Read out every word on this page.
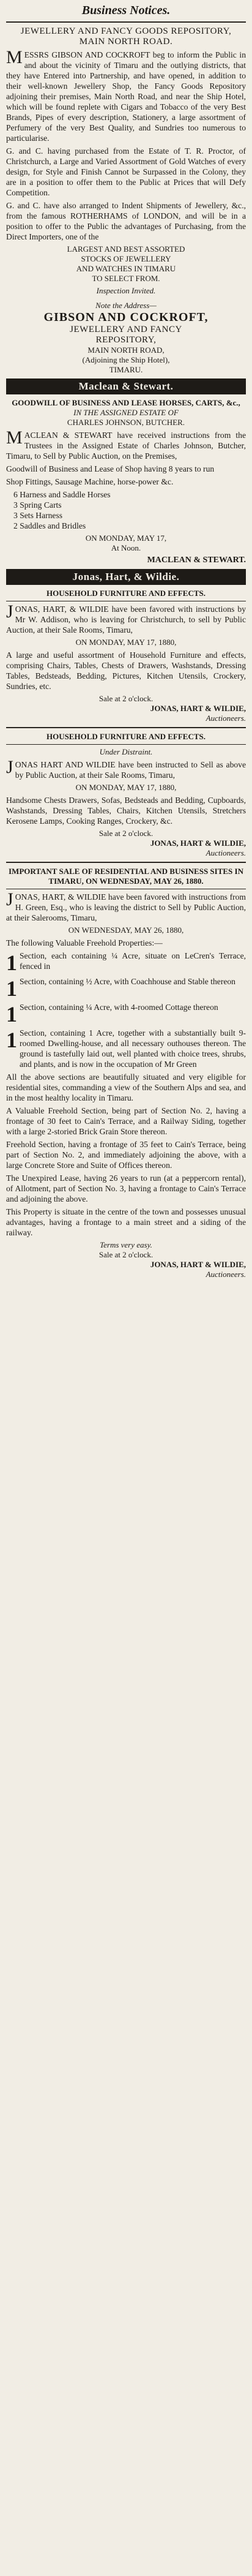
Business Notices.
JEWELLERY AND FANCY GOODS REPOSITORY,
MAIN NORTH ROAD.

MESSRS GIBSON AND COCKROFT beg to inform the Public in and about the vicinity of Timaru and the outlying districts, that they have Entered into Partnership, and have opened, in addition to their well-known Jewellery Shop, the Fancy Goods Repository adjoining their premises, Main North Road, and near the Ship Hotel, which will be found replete with Cigars and Tobacco of the very Best Brands, Pipes of every description, Stationery, a large assortment of Perfumery of the very Best Quality, and Sundries too numerous to particularise.

G. and C. having purchased from the Estate of T. R. Proctor, of Christchurch, a Large and Varied Assortment of Gold Watches of every design, for Style and Finish Cannot be Surpassed in the Colony, they are in a position to offer them to the Public at Prices that will Defy Competition.

G. and C. have also arranged to Indent Shipments of Jewellery, &c., from the famous ROTHERHAMS of LONDON, and will be in a position to offer to the Public the advantages of Purchasing, from the Direct Importers, one of the

LARGEST AND BEST ASSORTED
STOCKS OF JEWELLERY
AND WATCHES IN TIMARU
TO SELECT FROM.
Inspection Invited.
Note the Address—
GIBSON AND COCKROFT,
JEWELLERY AND FANCY
REPOSITORY,
MAIN NORTH ROAD,
(Adjoining the Ship Hotel),
TIMARU.
Maclean & Stewart.
GOODWILL OF BUSINESS AND LEASE HORSES, CARTS, &c.,
IN THE ASSIGNED ESTATE OF
CHARLES JOHNSON, BUTCHER.

MACLEAN & STEWART have received instructions from the Trustees in the Assigned Estate of Charles Johnson, Butcher, Timaru, to Sell by Public Auction, on the Premises,

Goodwill of Business and Lease of Shop having 8 years to run

Shop Fittings, Sausage Machine, horse-power &c.

6 Harness and Saddle Horses
3 Spring Carts
3 Sets Harness
2 Saddles and Bridles
ON MONDAY, MAY 17,
At Noon.
MACLEAN & STEWART.
Jonas, Hart, & Wildie.
HOUSEHOLD FURNITURE AND EFFECTS.

JONAS, HART, & WILDIE have been favored with instructions by Mr W. Addison, who is leaving for Christchurch, to sell by Public Auction, at their Sale Rooms, Timaru,

ON MONDAY, MAY 17, 1880,

A large and useful assortment of Household Furniture and effects, comprising Chairs, Tables, Chests of Drawers, Washstands, Dressing Tables, Bedsteads, Bedding, Pictures, Kitchen Utensils, Crockery, Sundries, etc.

Sale at 2 o'clock.
JONAS, HART & WILDIE,
Auctioneers.
HOUSEHOLD FURNITURE AND EFFECTS.
Under Distraint.

JONAS HART AND WILDIE have been instructed to Sell as above by Public Auction, at their Sale Rooms, Timaru,

ON MONDAY, MAY 17, 1880,

Handsome Chests Drawers, Sofas, Bedsteads and Bedding, Cupboards, Washstands, Dressing Tables, Chairs, Kitchen Utensils, Stretchers Kerosene Lamps, Cooking Ranges, Crockery, &c.

Sale at 2 o'clock.
JONAS, HART & WILDIE,
Auctioneers.
IMPORTANT SALE OF RESIDENTIAL AND BUSINESS SITES IN TIMARU, ON WEDNESDAY, MAY 26, 1880.

JONAS, HART, & WILDIE have been favored with instructions from H. Green, Esq., who is leaving the district to Sell by Public Auction, at their Salerooms, Timaru,

ON WEDNESDAY, MAY 26, 1880,

The following Valuable Freehold Properties:—

1 Section, each containing ¼ Acre, situate on LeCren's Terrace, fenced in
1 Section, containing ½ Acre, with Coachhouse and Stable thereon
1 Section, containing ¼ Acre, with 4-roomed Cottage thereon
1 Section, containing 1 Acre, together with a substantially built 9-roomed Dwelling-house, and all necessary outhouses thereon. The ground is tastefully laid out, well planted with choice trees, shrubs, and plants, and is now in the occupation of Mr Green

All the above sections are beautifully situated and very eligible for residential sites, commanding a view of the Southern Alps and sea, and in the most healthy locality in Timaru.

A Valuable Freehold Section, being part of Section No. 2, having a frontage of 30 feet to Cain's Terrace, and a Railway Siding, together with a large 2-storied Brick Grain Store thereon.

Freehold Section, having a frontage of 35 feet to Cain's Terrace, being part of Section No. 2, and immediately adjoining the above, with a large Concrete Store and Suite of Offices thereon.

The Unexpired Lease, having 26 years to run (at a peppercorn rental), of Allotment, part of Section No. 3, having a frontage to Cain's Terrace and adjoining the above.

This Property is situate in the centre of the town and possesses unusual advantages, having a frontage to a main street and a siding of the railway.

Terms very easy.
Sale at 2 o'clock.
JONAS, HART & WILDIE,
Auctioneers.
